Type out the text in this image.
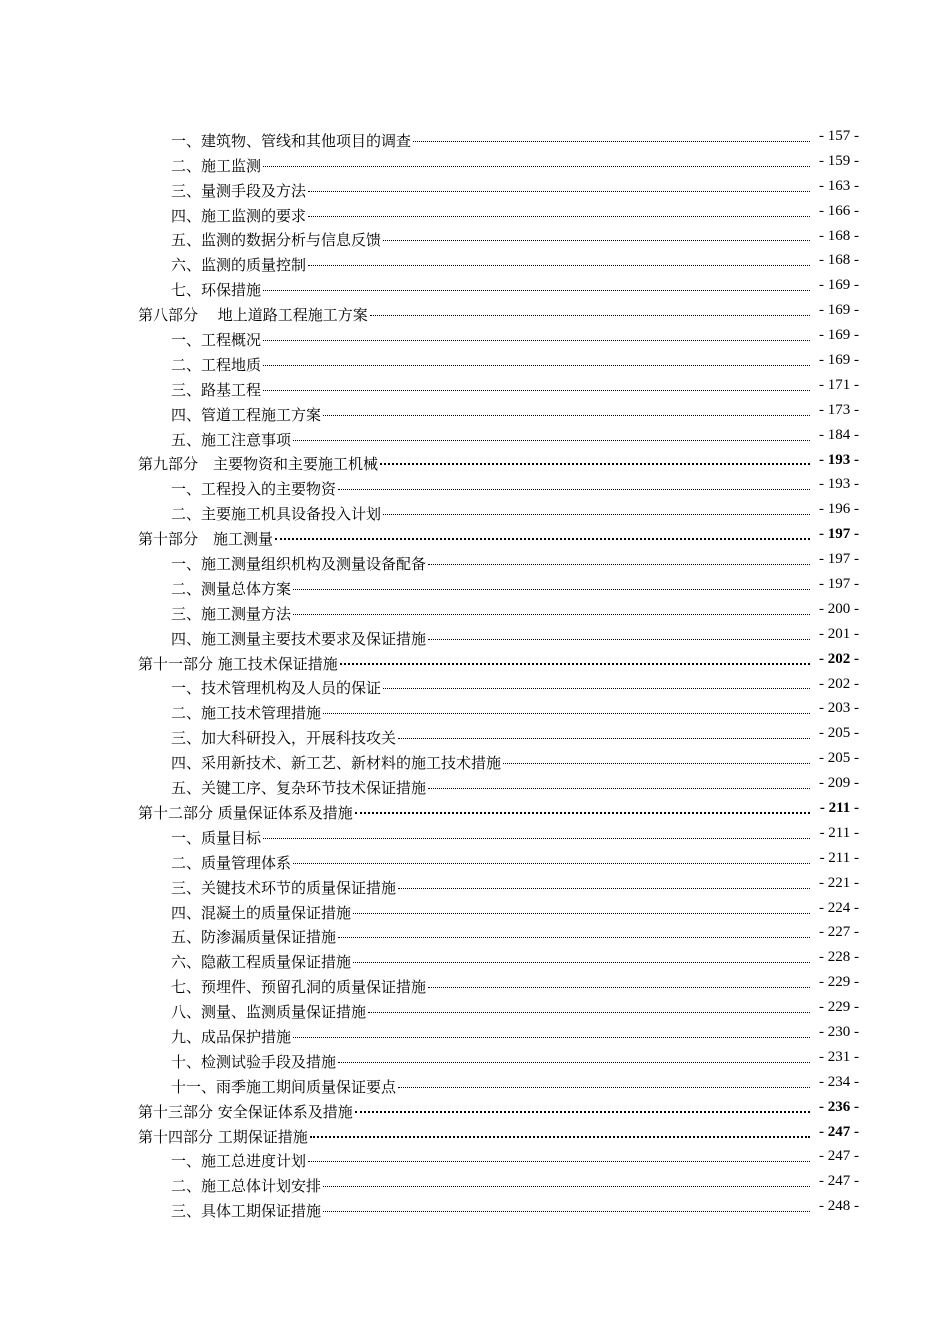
一、建筑物、管线和其他项目的调查	- 157 -
二、施工监测	- 159 -
三、量测手段及方法	- 163 -
四、施工监测的要求	- 166 -
五、监测的数据分析与信息反馈	- 168 -
六、监测的质量控制	- 168 -
七、环保措施	- 169 -
第八部分　 地上道路工程施工方案	- 169 -
一、工程概况	- 169 -
二、工程地质	- 169 -
三、路基工程	- 171 -
四、管道工程施工方案	- 173 -
五、施工注意事项	- 184 -
第九部分　主要物资和主要施工机械	- 193 -
一、工程投入的主要物资	- 193 -
二、主要施工机具设备投入计划	- 196 -
第十部分　施工测量	- 197 -
一、施工测量组织机构及测量设备配备	- 197 -
二、测量总体方案	- 197 -
三、施工测量方法	- 200 -
四、施工测量主要技术要求及保证措施	- 201 -
第十一部分 施工技术保证措施	- 202 -
一、技术管理机构及人员的保证	- 202 -
二、施工技术管理措施	- 203 -
三、加大科研投入，开展科技攻关	- 205 -
四、采用新技术、新工艺、新材料的施工技术措施	- 205 -
五、关键工序、复杂环节技术保证措施	- 209 -
第十二部分 质量保证体系及措施	- 211 -
一、质量目标	- 211 -
二、质量管理体系	- 211 -
三、关键技术环节的质量保证措施	- 221 -
四、混凝土的质量保证措施	- 224 -
五、防渗漏质量保证措施	- 227 -
六、隐蔽工程质量保证措施	- 228 -
七、预埋件、预留孔洞的质量保证措施	- 229 -
八、测量、监测质量保证措施	- 229 -
九、成品保护措施	- 230 -
十、检测试验手段及措施	- 231 -
十一、雨季施工期间质量保证要点	- 234 -
第十三部分 安全保证体系及措施	- 236 -
第十四部分 工期保证措施	- 247 -
一、施工总进度计划	- 247 -
二、施工总体计划安排	- 247 -
三、具体工期保证措施	- 248 -
